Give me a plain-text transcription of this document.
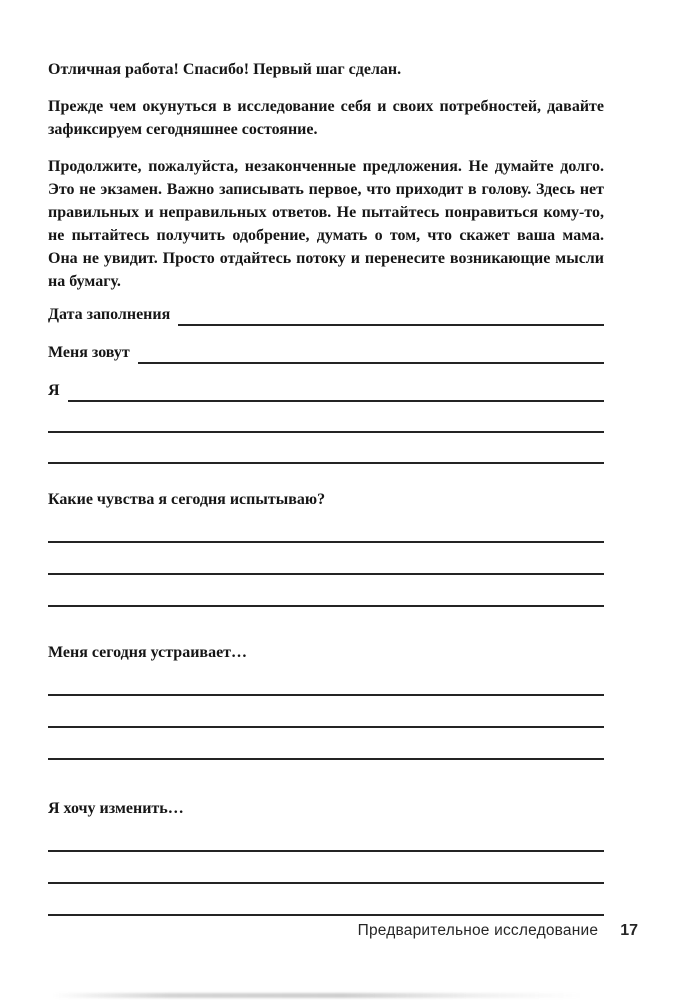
Отличная работа! Спасибо! Первый шаг сделан.
Прежде чем окунуться в исследование себя и своих потребностей, давайте
зафиксируем сегодняшнее состояние.
Продолжите, пожалуйста, незаконченные предложения. Не думайте долго.
Это не экзамен. Важно записывать первое, что приходит в голову. Здесь нет
правильных и неправильных ответов. Не пытайтесь понравиться кому-то,
не пытайтесь получить одобрение, думать о том, что скажет ваша мама.
Она не увидит. Просто отдайтесь потоку и перенесите возникающие мысли
на бумагу.
Дата заполнения
Меня зовут
Я
Какие чувства я сегодня испытываю?
Меня сегодня устраивает…
Я хочу изменить…
Предварительное исследование 17
